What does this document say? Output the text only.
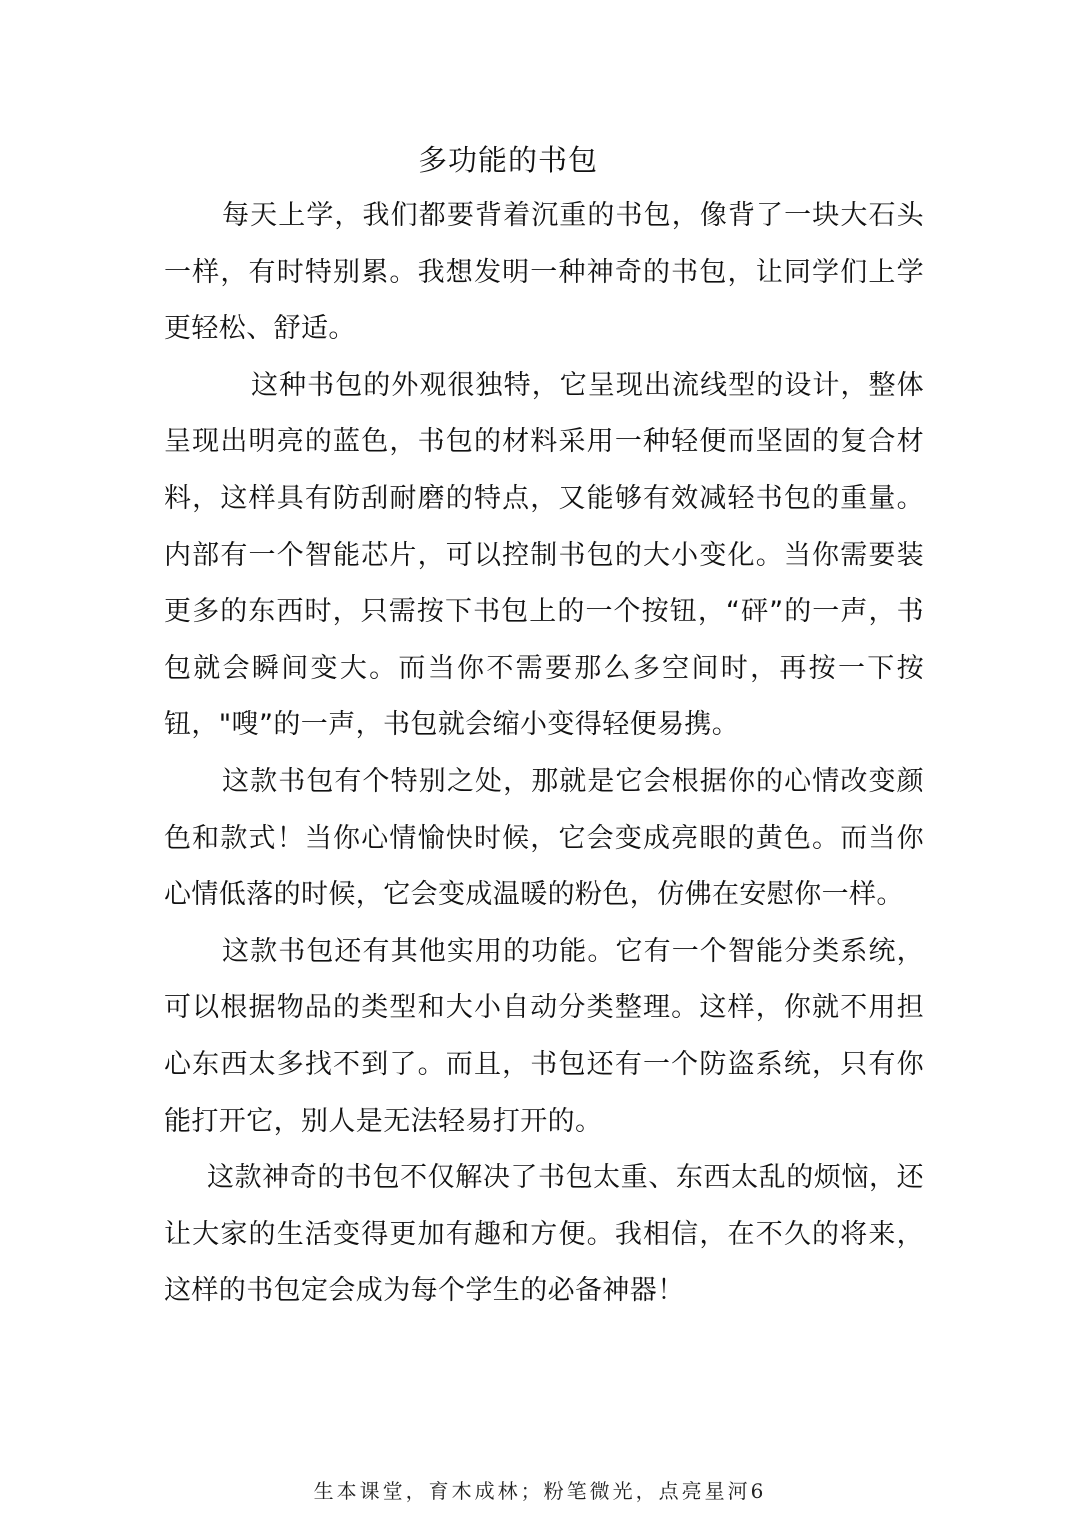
多功能的书包

每天上学，我们都要背着沉重的书包，像背了一块大石头一样，有时特别累。我想发明一种神奇的书包，让同学们上学更轻松、舒适。

这种书包的外观很独特，它呈现出流线型的设计，整体呈现出明亮的蓝色，书包的材料采用一种轻便而坚固的复合材料，这样具有防刮耐磨的特点，又能够有效减轻书包的重量。内部有一个智能芯片，可以控制书包的大小变化。当你需要装更多的东西时，只需按下书包上的一个按钮，“砰”的一声，书包就会瞬间变大。而当你不需要那么多空间时，再按一下按钮，"嗖”的一声，书包就会缩小变得轻便易携。

这款书包有个特别之处，那就是它会根据你的心情改变颜色和款式！当你心情愉快时候，它会变成亮眼的黄色。而当你心情低落的时候，它会变成温暖的粉色，仿佛在安慰你一样。

这款书包还有其他实用的功能。它有一个智能分类系统，可以根据物品的类型和大小自动分类整理。这样，你就不用担心东西太多找不到了。而且，书包还有一个防盗系统，只有你能打开它，别人是无法轻易打开的。

这款神奇的书包不仅解决了书包太重、东西太乱的烦恼，还让大家的生活变得更加有趣和方便。我相信，在不久的将来，这样的书包定会成为每个学生的必备神器！

生本课堂，育木成林；粉笔微光，点亮星河6
